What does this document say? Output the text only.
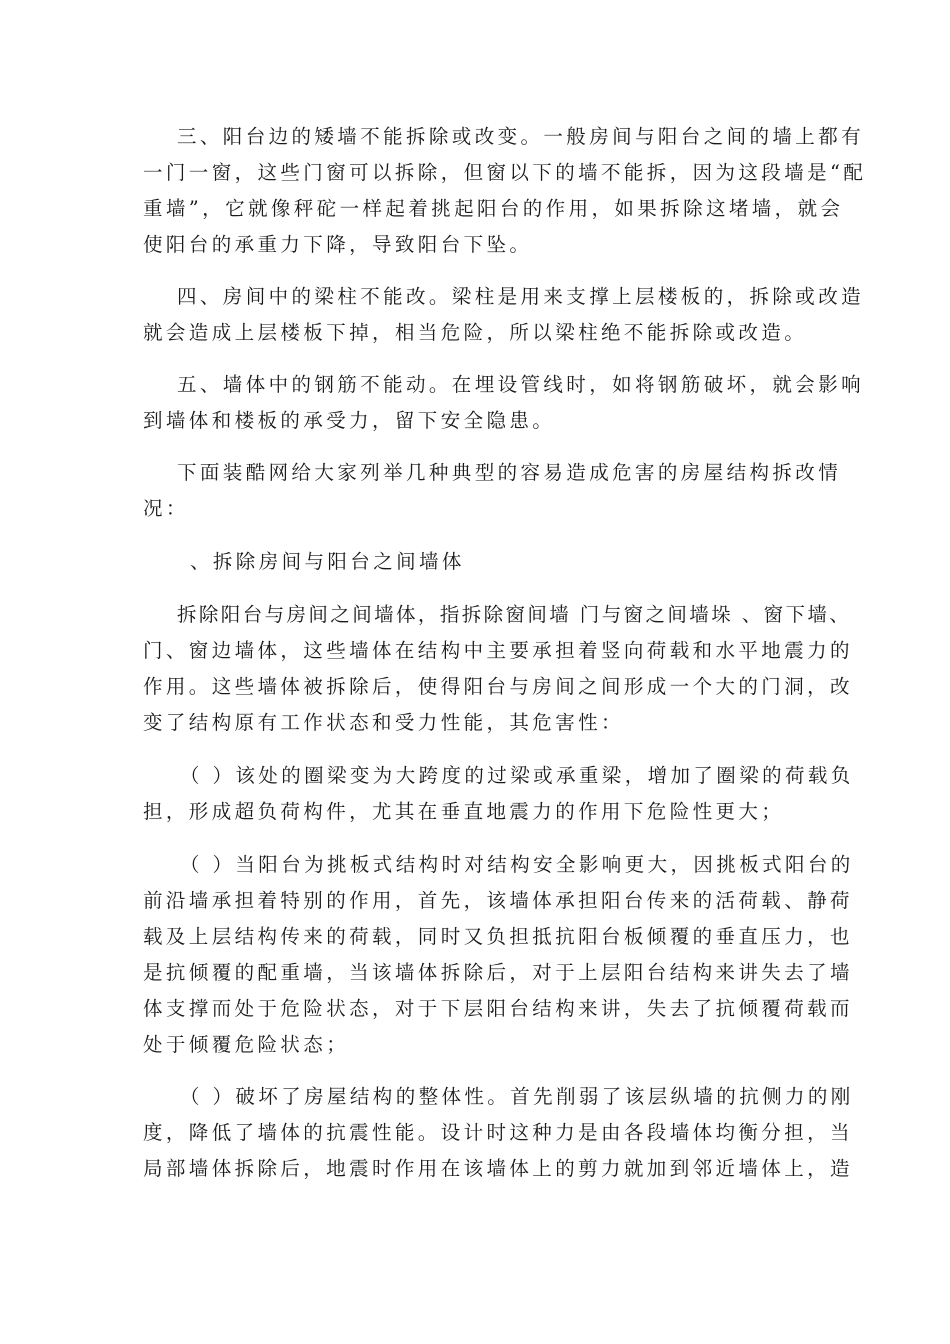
三、阳台边的矮墙不能拆除或改变。一般房间与阳台之间的墙上都有
一门一窗，这些门窗可以拆除，但窗以下的墙不能拆，因为这段墙是“配
重墙”，它就像秤砣一样起着挑起阳台的作用，如果拆除这堵墙，就会
使阳台的承重力下降，导致阳台下坠。
四、房间中的梁柱不能改。梁柱是用来支撑上层楼板的，拆除或改造
就会造成上层楼板下掉，相当危险，所以梁柱绝不能拆除或改造。
五、墙体中的钢筋不能动。在埋设管线时，如将钢筋破坏，就会影响
到墙体和楼板的承受力，留下安全隐患。
下面装酷网给大家列举几种典型的容易造成危害的房屋结构拆改情
况：
、拆除房间与阳台之间墙体
拆除阳台与房间之间墙体，指拆除窗间墙 门与窗之间墙垛 、窗下墙、
门、窗边墙体，这些墙体在结构中主要承担着竖向荷载和水平地震力的
作用。这些墙体被拆除后，使得阳台与房间之间形成一个大的门洞，改
变了结构原有工作状态和受力性能，其危害性：
（ ）该处的圈梁变为大跨度的过梁或承重梁，增加了圈梁的荷载负
担，形成超负荷构件，尤其在垂直地震力的作用下危险性更大；
（ ）当阳台为挑板式结构时对结构安全影响更大，因挑板式阳台的
前沿墙承担着特别的作用，首先，该墙体承担阳台传来的活荷载、静荷
载及上层结构传来的荷载，同时又负担抵抗阳台板倾覆的垂直压力，也
是抗倾覆的配重墙，当该墙体拆除后，对于上层阳台结构来讲失去了墙
体支撑而处于危险状态，对于下层阳台结构来讲，失去了抗倾覆荷载而
处于倾覆危险状态；
（ ）破坏了房屋结构的整体性。首先削弱了该层纵墙的抗侧力的刚
度，降低了墙体的抗震性能。设计时这种力是由各段墙体均衡分担，当
局部墙体拆除后，地震时作用在该墙体上的剪力就加到邻近墙体上，造
